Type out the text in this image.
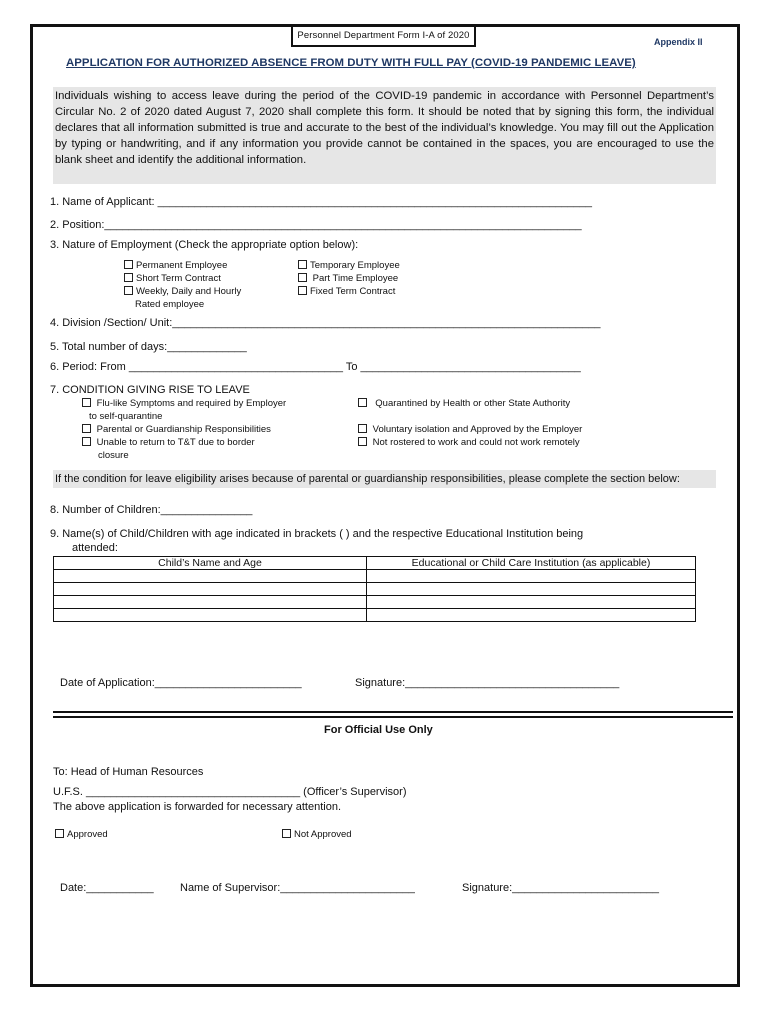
Personnel Department Form I-A of 2020
Appendix II
APPLICATION FOR AUTHORIZED ABSENCE FROM DUTY WITH FULL PAY (COVID-19 PANDEMIC LEAVE)
Individuals wishing to access leave during the period of the COVID-19 pandemic in accordance with Personnel Department’s Circular No. 2 of 2020 dated August 7, 2020 shall complete this form. It should be noted that by signing this form, the individual declares that all information submitted is true and accurate to the best of the individual’s knowledge. You may fill out the Application by typing or handwriting, and if any information you provide cannot be contained in the spaces, you are encouraged to use the blank sheet and identify the additional information.
1. Name of Applicant: _______________________________________________________________________
2. Position:______________________________________________________________________________
3. Nature of Employment (Check the appropriate option below):
Permanent Employee
Short Term Contract
Weekly, Daily and Hourly
Rated employee
Temporary Employee
Part Time Employee
Fixed Term Contract
4. Division /Section/ Unit:______________________________________________________________________
5. Total number of days:_____________
6. Period: From ___________________________________ To ____________________________________
7. CONDITION GIVING RISE TO LEAVE
Flu-like Symptoms and required by Employer
to self-quarantine
Parental or Guardianship Responsibilities
Unable to return to T&T due to border
closure
Quarantined by Health or other State Authority
Voluntary isolation and Approved by the Employer
Not rostered to work and could not work remotely
If the condition for leave eligibility arises because of parental or guardianship responsibilities, please complete the section below:
8. Number of Children:_______________
9. Name(s) of Child/Children with age indicated in brackets ( ) and the respective Educational Institution being
attended:
Child’s Name and Age	Educational or Child Care Institution (as applicable)

Date of Application:________________________	Signature:___________________________________
For Official Use Only
To: Head of Human Resources
U.F.S. ___________________________________ (Officer’s Supervisor)
The above application is forwarded for necessary attention.
Approved	Not Approved
Date:___________ Name of Supervisor:______________________	Signature:________________________
